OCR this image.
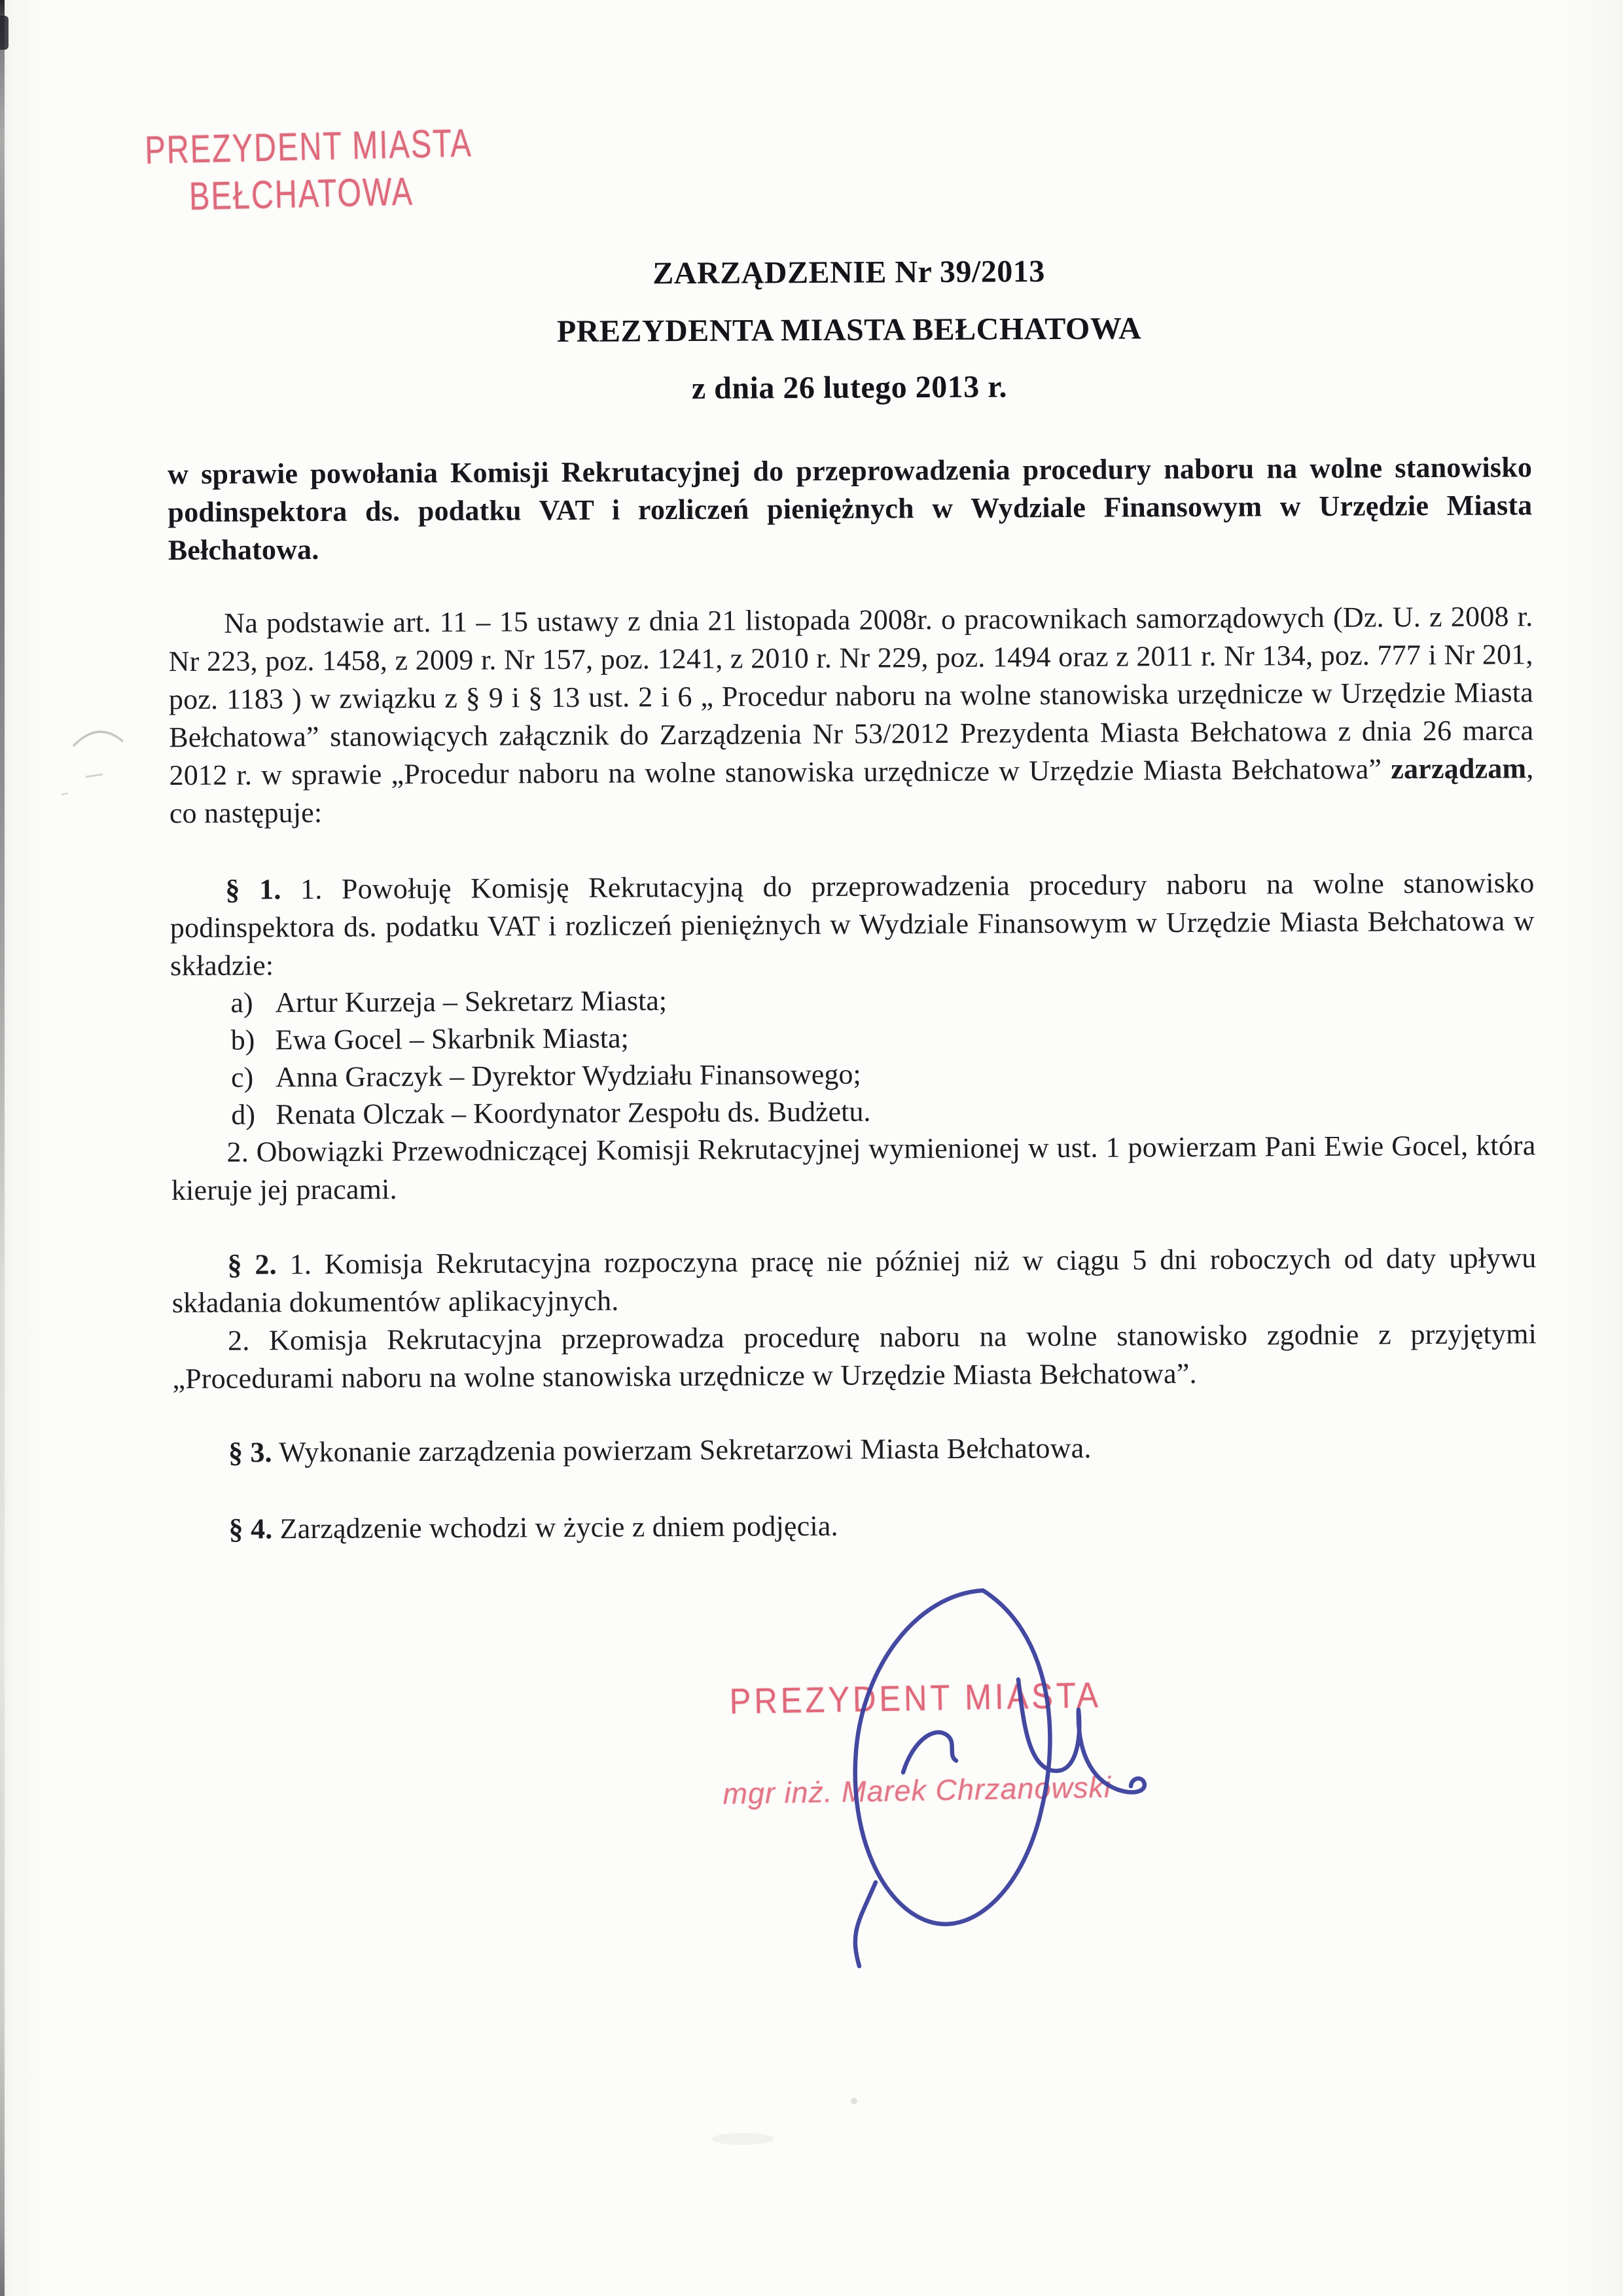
PREZYDENT MIASTA
BEŁCHATOWA
ZARZĄDZENIE Nr 39/2013
PREZYDENTA MIASTA BEŁCHATOWA
z dnia 26 lutego 2013 r.
w sprawie powołania Komisji Rekrutacyjnej do przeprowadzenia procedury naboru na wolne stanowisko podinspektora ds. podatku VAT i rozliczeń pieniężnych w Wydziale Finansowym w Urzędzie Miasta Bełchatowa.
Na podstawie art. 11 – 15 ustawy z dnia 21 listopada 2008r. o pracownikach samorządowych (Dz. U. z 2008 r. Nr 223, poz. 1458, z 2009 r. Nr 157, poz. 1241, z 2010 r. Nr 229, poz. 1494 oraz z 2011 r. Nr 134, poz. 777 i Nr 201, poz. 1183 ) w związku z § 9 i § 13 ust. 2 i 6 „ Procedur naboru na wolne stanowiska urzędnicze w Urzędzie Miasta Bełchatowa” stanowiących załącznik do Zarządzenia Nr 53/2012 Prezydenta Miasta Bełchatowa z dnia 26 marca 2012 r. w sprawie „Procedur naboru na wolne stanowiska urzędnicze w Urzędzie Miasta Bełchatowa” zarządzam, co następuje:
§ 1. 1. Powołuję Komisję Rekrutacyjną do przeprowadzenia procedury naboru na wolne stanowisko podinspektora ds. podatku VAT i rozliczeń pieniężnych w Wydziale Finansowym w Urzędzie Miasta Bełchatowa w składzie:
a) Artur Kurzeja – Sekretarz Miasta;
b) Ewa Gocel – Skarbnik Miasta;
c) Anna Graczyk – Dyrektor Wydziału Finansowego;
d) Renata Olczak – Koordynator Zespołu ds. Budżetu.
2. Obowiązki Przewodniczącej Komisji Rekrutacyjnej wymienionej w ust. 1 powierzam Pani Ewie Gocel, która kieruje jej pracami.
§ 2. 1. Komisja Rekrutacyjna rozpoczyna pracę nie później niż w ciągu 5 dni roboczych od daty upływu składania dokumentów aplikacyjnych.
2. Komisja Rekrutacyjna przeprowadza procedurę naboru na wolne stanowisko zgodnie z przyjętymi „Procedurami naboru na wolne stanowiska urzędnicze w Urzędzie Miasta Bełchatowa”.
§ 3. Wykonanie zarządzenia powierzam Sekretarzowi Miasta Bełchatowa.
§ 4. Zarządzenie wchodzi w życie z dniem podjęcia.
PREZYDENT MIASTA
mgr inż. Marek Chrzanowski
